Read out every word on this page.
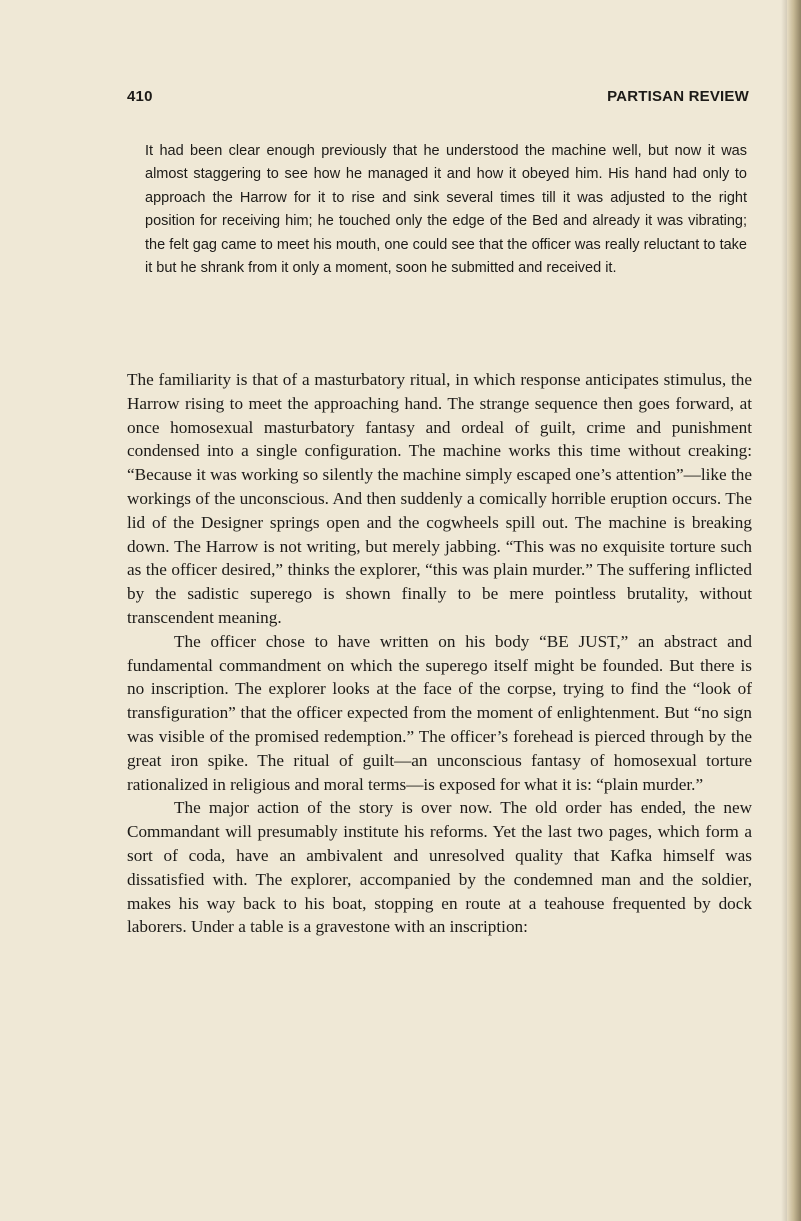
410	PARTISAN REVIEW

It had been clear enough previously that he understood the machine well, but now it was almost staggering to see how he managed it and how it obeyed him. His hand had only to approach the Harrow for it to rise and sink several times till it was adjusted to the right position for receiving him; he touched only the edge of the Bed and already it was vibrating; the felt gag came to meet his mouth, one could see that the officer was really reluctant to take it but he shrank from it only a moment, soon he submitted and received it.

The familiarity is that of a masturbatory ritual, in which response anticipates stimulus, the Harrow rising to meet the approaching hand. The strange sequence then goes forward, at once homosexual masturbatory fantasy and ordeal of guilt, crime and punishment condensed into a single configuration. The machine works this time without creaking: “Because it was working so silently the machine simply escaped one’s attention”—like the workings of the unconscious. And then suddenly a comically horrible eruption occurs. The lid of the Designer springs open and the cogwheels spill out. The machine is breaking down. The Harrow is not writing, but merely jabbing. “This was no exquisite torture such as the officer desired,” thinks the explorer, “this was plain murder.” The suffering inflicted by the sadistic superego is shown finally to be mere pointless brutality, without transcendent meaning.

The officer chose to have written on his body “BE JUST,” an abstract and fundamental commandment on which the superego itself might be founded. But there is no inscription. The explorer looks at the face of the corpse, trying to find the “look of transfiguration” that the officer expected from the moment of enlightenment. But “no sign was visible of the promised redemption.” The officer’s forehead is pierced through by the great iron spike. The ritual of guilt—an unconscious fantasy of homosexual torture rationalized in religious and moral terms—is exposed for what it is: “plain murder.”

The major action of the story is over now. The old order has ended, the new Commandant will presumably institute his reforms. Yet the last two pages, which form a sort of coda, have an ambivalent and unresolved quality that Kafka himself was dissatisfied with. The explorer, accompanied by the condemned man and the soldier, makes his way back to his boat, stopping en route at a teahouse frequented by dock laborers. Under a table is a gravestone with an inscription:
